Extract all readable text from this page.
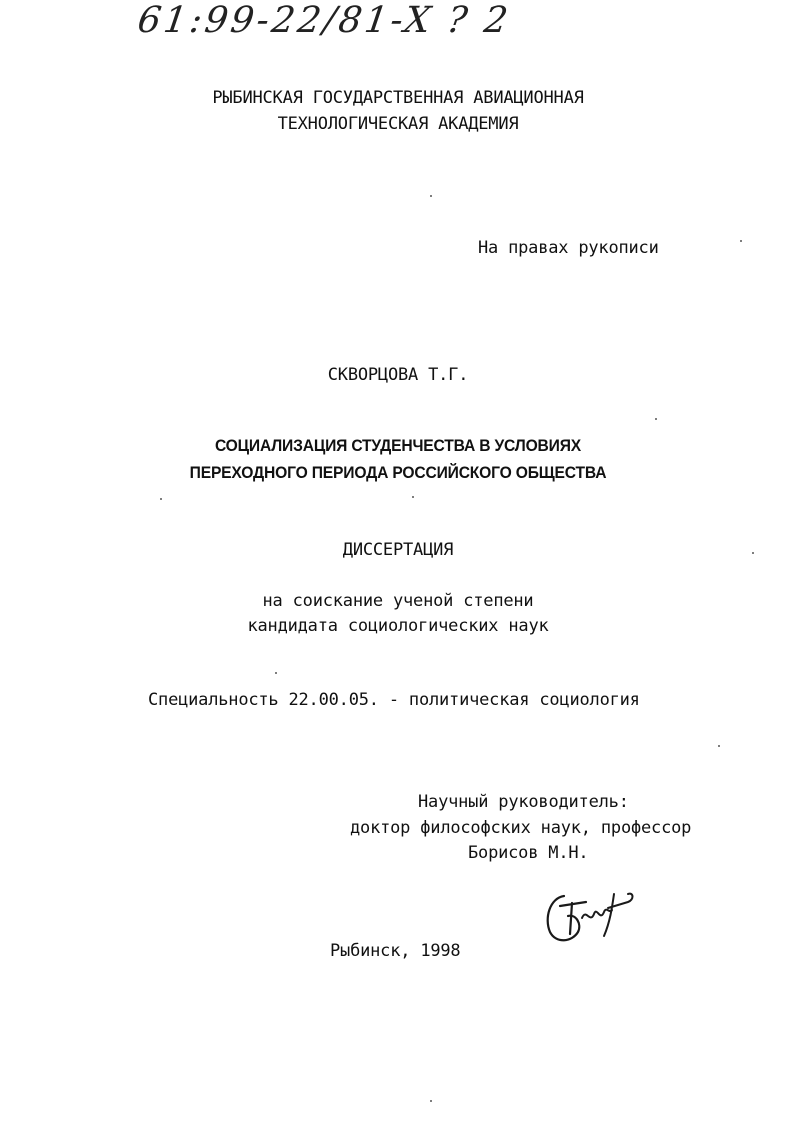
61:99-22/81-X ? 2
РЫБИНСКАЯ ГОСУДАРСТВЕННАЯ АВИАЦИОННАЯ
ТЕХНОЛОГИЧЕСКАЯ АКАДЕМИЯ
На правах рукописи
СКВОРЦОВА Т.Г.
СОЦИАЛИЗАЦИЯ СТУДЕНЧЕСТВА В УСЛОВИЯХ
ПЕРЕХОДНОГО ПЕРИОДА РОССИЙСКОГО ОБЩЕСТВА
ДИССЕРТАЦИЯ
на соискание ученой степени
кандидата социологических наук
Специальность 22.00.05. - политическая социология
Научный руководитель:
доктор философских наук, профессор
Борисов М.Н.
Рыбинск, 1998
